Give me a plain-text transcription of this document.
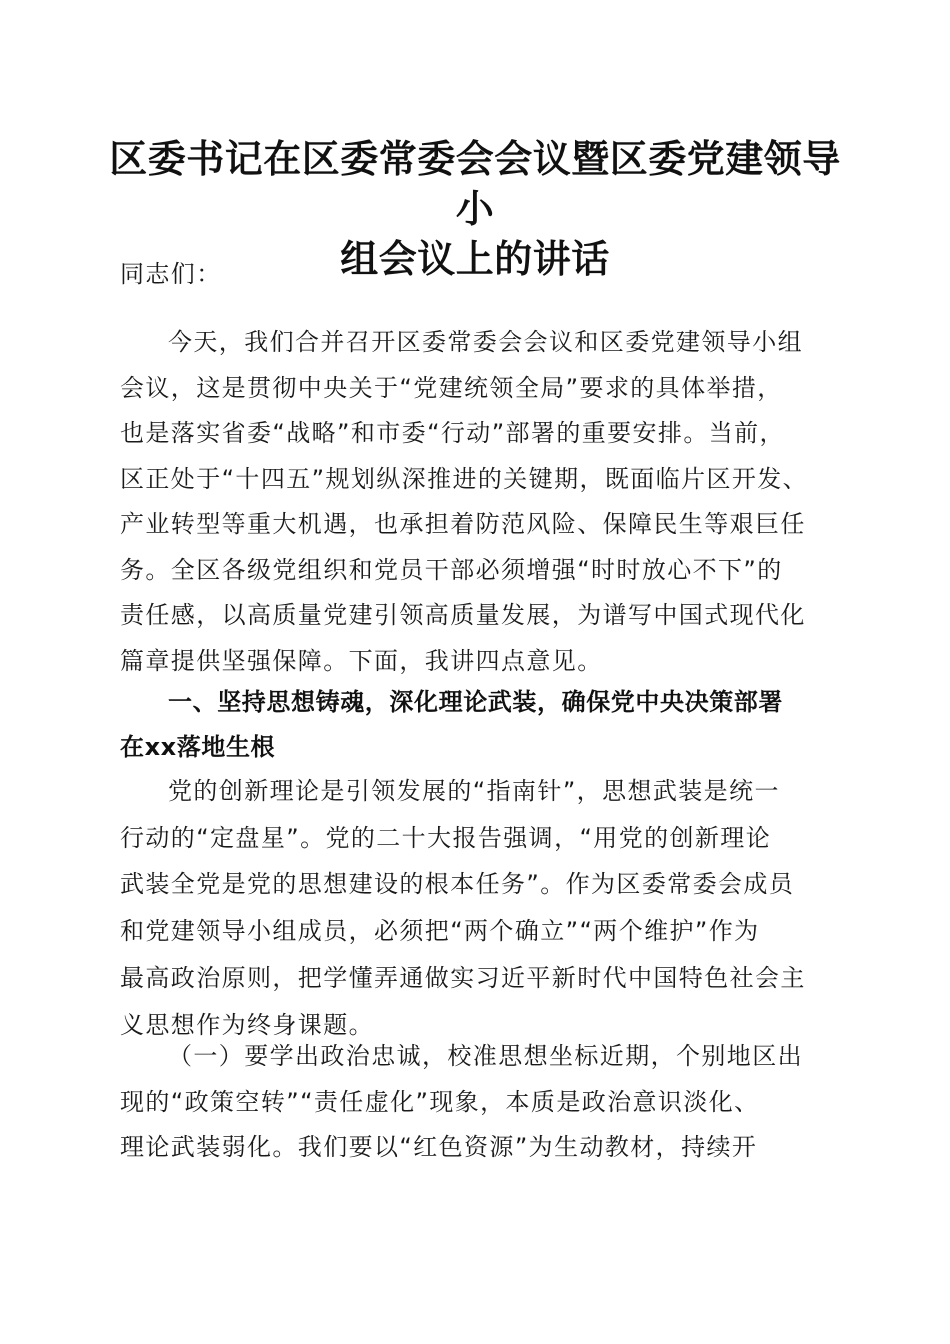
区委书记在区委常委会会议暨区委党建领导小
组会议上的讲话
同志们：
今天，我们合并召开区委常委会会议和区委党建领导小组
会议，这是贯彻中央关于“党建统领全局”要求的具体举措，
也是落实省委“战略”和市委“行动”部署的重要安排。当前，
区正处于“十四五”规划纵深推进的关键期，既面临片区开发、
产业转型等重大机遇，也承担着防范风险、保障民生等艰巨任
务。全区各级党组织和党员干部必须增强“时时放心不下”的
责任感，以高质量党建引领高质量发展，为谱写中国式现代化
篇章提供坚强保障。下面，我讲四点意见。
一、坚持思想铸魂，深化理论武装，确保党中央决策部署
在xx落地生根
党的创新理论是引领发展的“指南针”，思想武装是统一
行动的“定盘星”。党的二十大报告强调，“用党的创新理论
武装全党是党的思想建设的根本任务”。作为区委常委会成员
和党建领导小组成员，必须把“两个确立”“两个维护”作为
最高政治原则，把学懂弄通做实习近平新时代中国特色社会主
义思想作为终身课题。
（一）要学出政治忠诚，校准思想坐标近期，个别地区出
现的“政策空转”“责任虚化”现象，本质是政治意识淡化、
理论武装弱化。我们要以“红色资源”为生动教材，持续开
